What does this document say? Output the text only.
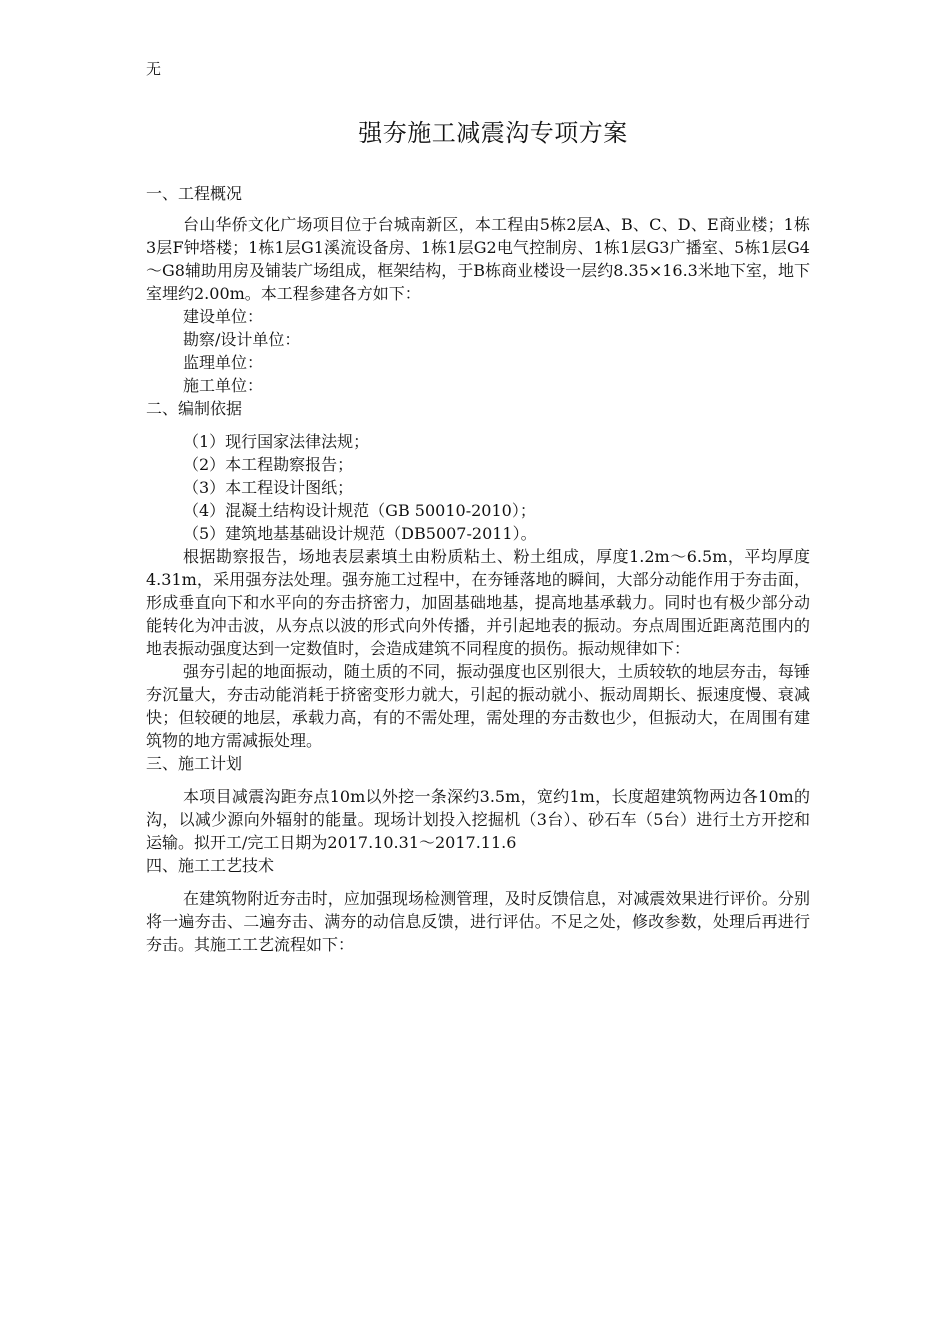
无
强夯施工减震沟专项方案
一、工程概况

台山华侨文化广场项目位于台城南新区，本工程由5栋2层A、B、C、D、E商业楼；1栋3层F钟塔楼；1栋1层G1溪流设备房、1栋1层G2电气控制房、1栋1层G3广播室、5栋1层G4～G8辅助用房及铺装广场组成，框架结构，于B栋商业楼设一层约8.35×16.3米地下室，地下室埋约2.00m。本工程参建各方如下：

建设单位：
勘察/设计单位：
监理单位：
施工单位：
二、编制依据
（1）现行国家法律法规；
（2）本工程勘察报告；
（3）本工程设计图纸；
（4）混凝土结构设计规范（GB 50010-2010）；
（5）建筑地基基础设计规范（DB5007-2011）。

根据勘察报告，场地表层素填土由粉质粘土、粉土组成，厚度1.2m～6.5m，平均厚度4.31m，采用强夯法处理。强夯施工过程中，在夯锤落地的瞬间，大部分动能作用于夯击面，形成垂直向下和水平向的夯击挤密力，加固基础地基，提高地基承载力。同时也有极少部分动能转化为冲击波，从夯点以波的形式向外传播，并引起地表的振动。夯点周围近距离范围内的地表振动强度达到一定数值时，会造成建筑不同程度的损伤。振动规律如下：

强夯引起的地面振动，随土质的不同，振动强度也区别很大，土质较软的地层夯击，每锤夯沉量大，夯击动能消耗于挤密变形力就大，引起的振动就小、振动周期长、振速度慢、衰减快；但较硬的地层，承载力高，有的不需处理，需处理的夯击数也少，但振动大，在周围有建筑物的地方需减振处理。

三、施工计划

本项目减震沟距夯点10m以外挖一条深约3.5m，宽约1m，长度超建筑物两边各10m的沟，以减少源向外辐射的能量。现场计划投入挖掘机（3台）、砂石车（5台）进行土方开挖和运输。拟开工/完工日期为2017.10.31～2017.11.6

四、施工工艺技术

在建筑物附近夯击时，应加强现场检测管理，及时反馈信息，对减震效果进行评价。分别将一遍夯击、二遍夯击、满夯的动信息反馈，进行评估。不足之处，修改参数，处理后再进行夯击。其施工工艺流程如下：
